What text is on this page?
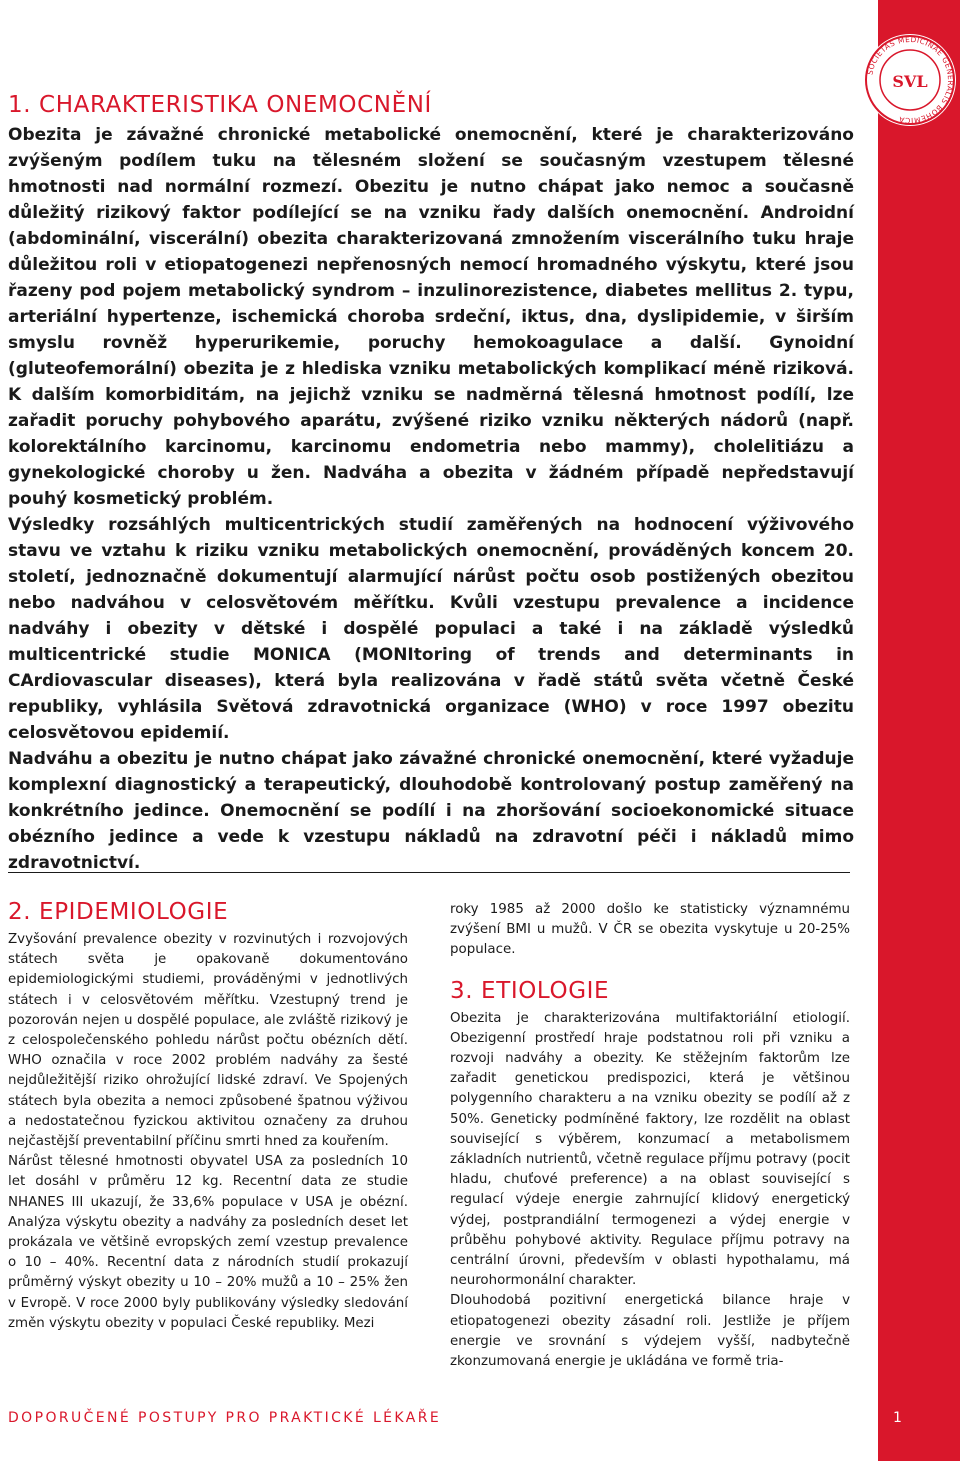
SOCIETAS MEDICINAE GENERALIS BOHEMICA
SVL
1. CHARAKTERISTIKA ONEMOCNĚNÍ

Obezita je závažné chronické metabolické onemocnění, které je charakterizováno zvýšeným podílem tuku na tělesném složení se současným vzestupem tělesné hmotnosti nad normální rozmezí. Obezitu je nutno chápat jako nemoc a současně důležitý rizikový faktor podílející se na vzniku řady dalších onemocnění. Androidní (abdominální, viscerální) obezita charakterizovaná zmnožením viscerálního tuku hraje důležitou roli v etiopatogenezi nepřenosných nemocí hromadného výskytu, které jsou řazeny pod pojem metabolický syndrom – inzulinorezistence, diabetes mellitus 2. typu, arteriální hypertenze, ischemická choroba srdeční, iktus, dna, dyslipidemie, v širším smyslu rovněž hyperurikemie, poruchy hemokoagulace a další. Gynoidní (gluteofemorální) obezita je z hlediska vzniku metabolických komplikací méně riziková. K dalším komorbiditám, na jejichž vzniku se nadměrná tělesná hmotnost podílí, lze zařadit poruchy pohybového aparátu, zvýšené riziko vzniku některých nádorů (např. kolorektálního karcinomu, karcinomu endometria nebo mammy), cholelitiázu a gynekologické choroby u žen. Nadváha a obezita v žádném případě nepředstavují pouhý kosmetický problém.

Výsledky rozsáhlých multicentrických studií zaměřených na hodnocení výživového stavu ve vztahu k riziku vzniku metabolických onemocnění, prováděných koncem 20. století, jednoznačně dokumentují alarmující nárůst počtu osob postižených obezitou nebo nadváhou v celosvětovém měřítku. Kvůli vzestupu prevalence a incidence nadváhy i obezity v dětské i dospělé populaci a také i na základě výsledků multicentrické studie MONICA (MONItoring of trends and determinants in CArdiovascular diseases), která byla realizována v řadě států světa včetně České republiky, vyhlásila Světová zdravotnická organizace (WHO) v roce 1997 obezitu celosvětovou epidemií.

Nadváhu a obezitu je nutno chápat jako závažné chronické onemocnění, které vyžaduje komplexní diagnostický a terapeutický, dlouhodobě kontrolovaný postup zaměřený na konkrétního jedince. Onemocnění se podílí i na zhoršování socioekonomické situace obézního jedince a vede k vzestupu nákladů na zdravotní péči i nákladů mimo zdravotnictví.

2. EPIDEMIOLOGIE

Zvyšování prevalence obezity v rozvinutých i rozvojových státech světa je opakovaně dokumentováno epidemiologickými studiemi, prováděnými v jednotlivých státech i v celosvětovém měřítku. Vzestupný trend je pozorován nejen u dospělé populace, ale zvláště rizikový je z celospolečenského pohledu nárůst počtu obézních dětí. WHO označila v roce 2002 problém nadváhy za šesté nejdůležitější riziko ohrožující lidské zdraví. Ve Spojených státech byla obezita a nemoci způsobené špatnou výživou a nedostatečnou fyzickou aktivitou označeny za druhou nejčastější preventabilní příčinu smrti hned za kouřením.

Nárůst tělesné hmotnosti obyvatel USA za posledních 10 let dosáhl v průměru 12 kg. Recentní data ze studie NHANES III ukazují, že 33,6% populace v USA je obézní. Analýza výskytu obezity a nadváhy za posledních deset let prokázala ve většině evropských zemí vzestup prevalence o 10 – 40%. Recentní data z národních studií prokazují průměrný výskyt obezity u 10 – 20% mužů a 10 – 25% žen v Evropě. V roce 2000 byly publikovány výsledky sledování změn výskytu obezity v populaci České republiky. Mezi

roky 1985 až 2000 došlo ke statisticky významnému zvýšení BMI u mužů. V ČR se obezita vyskytuje u 20-25% populace.

3. ETIOLOGIE

Obezita je charakterizována multifaktoriální etiologií. Obezigenní prostředí hraje podstatnou roli při vzniku a rozvoji nadváhy a obezity. Ke stěžejním faktorům lze zařadit genetickou predispozici, která je většinou polygenního charakteru a na vzniku obezity se podílí až z 50%. Geneticky podmíněné faktory, lze rozdělit na oblast související s výběrem, konzumací a metabolismem základních nutrientů, včetně regulace příjmu potravy (pocit hladu, chuťové preference) a na oblast související s regulací výdeje energie zahrnující klidový energetický výdej, postprandiální termogenezi a výdej energie v průběhu pohybové aktivity. Regulace příjmu potravy na centrální úrovni, především v oblasti hypothalamu, má neurohormonální charakter.

Dlouhodobá pozitivní energetická bilance hraje v etiopatogenezi obezity zásadní roli. Jestliže je příjem energie ve srovnání s výdejem vyšší, nadbytečně zkonzumovaná energie je ukládána ve formě tria-

DOPORUČENÉ POSTUPY PRO PRAKTICKÉ LÉKAŘE	1
